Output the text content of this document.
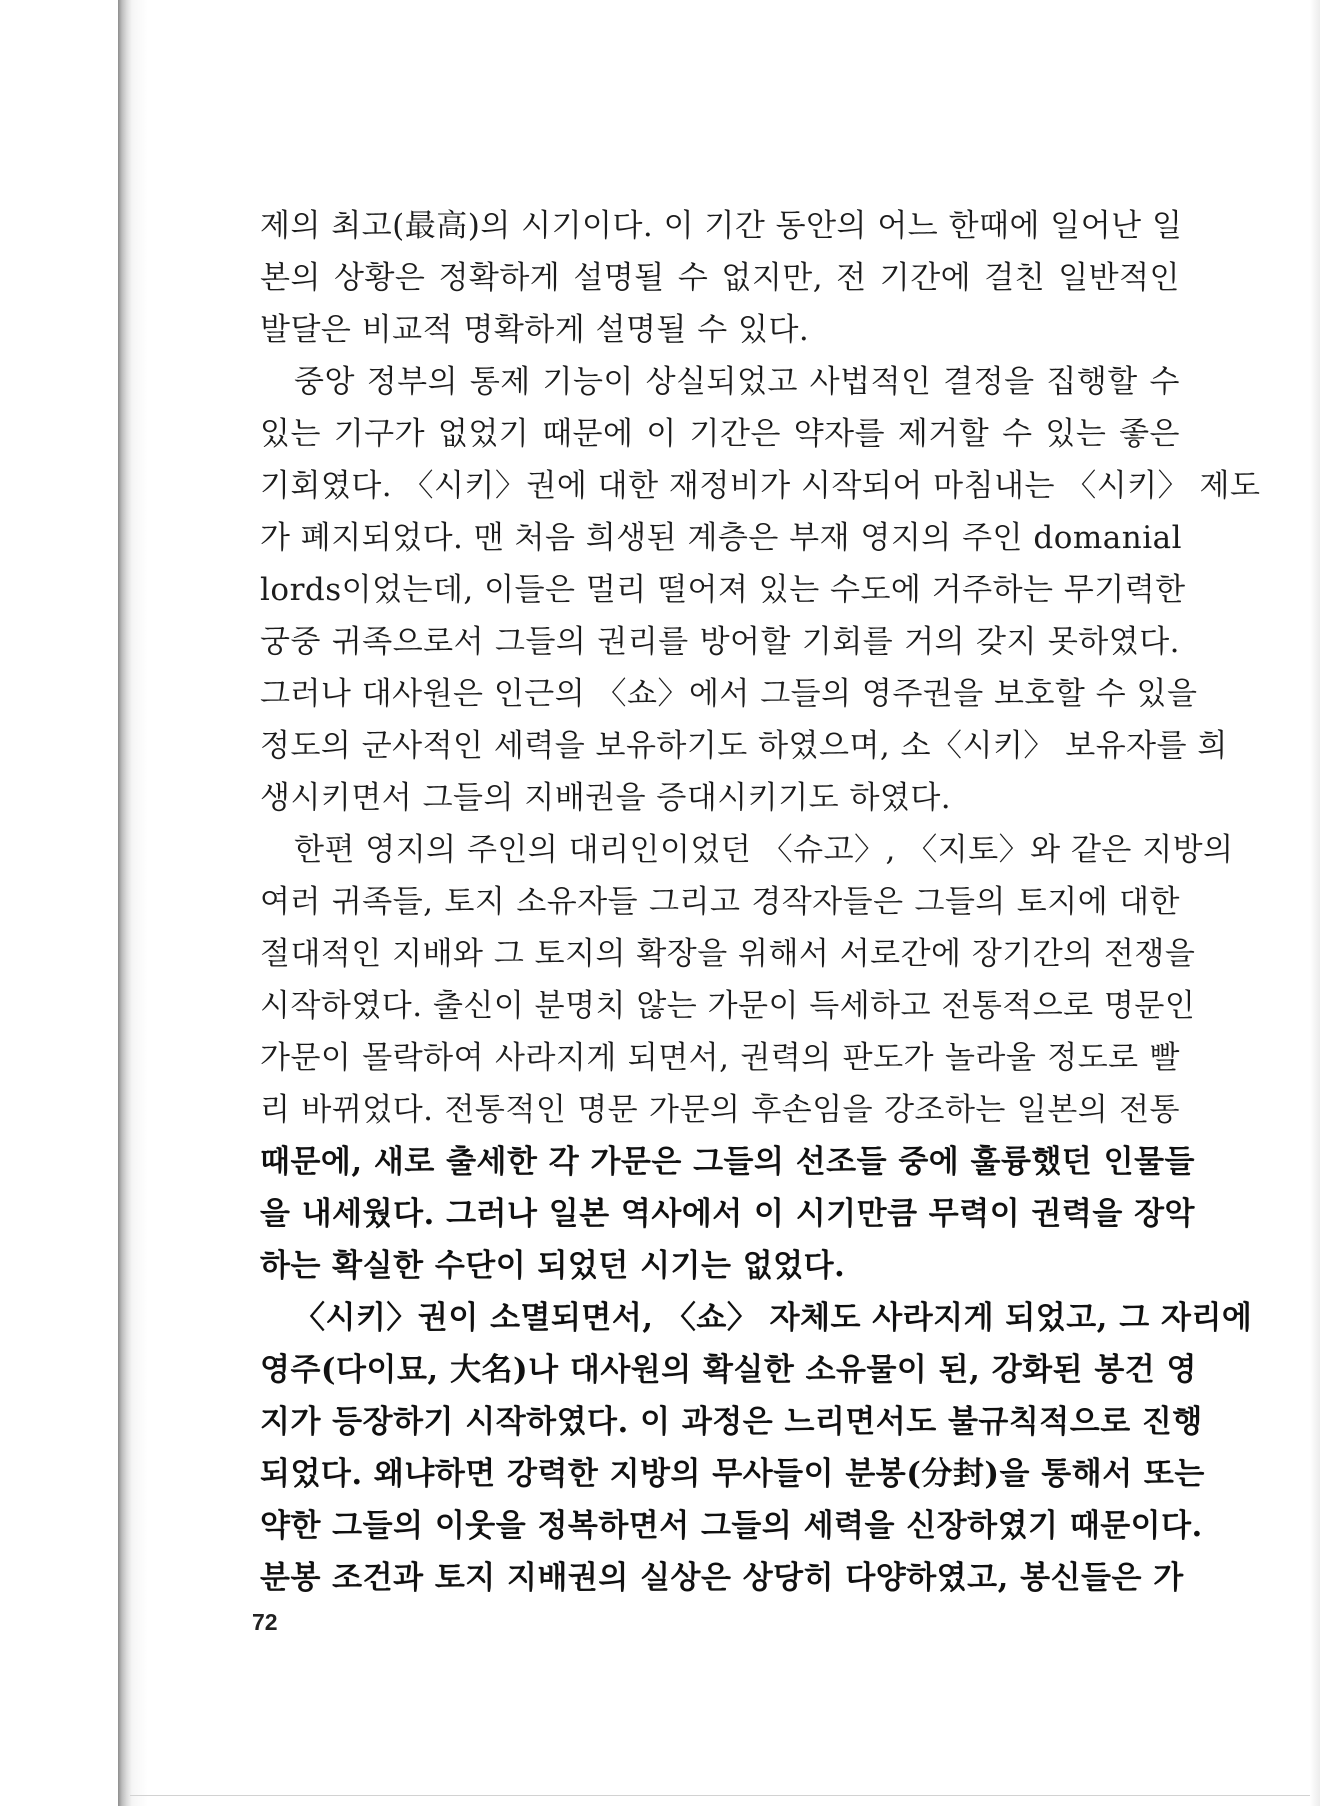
제의 최고(最高)의 시기이다. 이 기간 동안의 어느 한때에 일어난 일
본의 상황은 정확하게 설명될 수 없지만, 전 기간에 걸친 일반적인
발달은 비교적 명확하게 설명될 수 있다.
중앙 정부의 통제 기능이 상실되었고 사법적인 결정을 집행할 수
있는 기구가 없었기 때문에 이 기간은 약자를 제거할 수 있는 좋은
기회였다. 〈시키〉권에 대한 재정비가 시작되어 마침내는 〈시키〉 제도
가 폐지되었다. 맨 처음 희생된 계층은 부재 영지의 주인 domanial
lords이었는데, 이들은 멀리 떨어져 있는 수도에 거주하는 무기력한
궁중 귀족으로서 그들의 권리를 방어할 기회를 거의 갖지 못하였다.
그러나 대사원은 인근의 〈쇼〉에서 그들의 영주권을 보호할 수 있을
정도의 군사적인 세력을 보유하기도 하였으며, 소〈시키〉 보유자를 희
생시키면서 그들의 지배권을 증대시키기도 하였다.
한편 영지의 주인의 대리인이었던 〈슈고〉, 〈지토〉와 같은 지방의
여러 귀족들, 토지 소유자들 그리고 경작자들은 그들의 토지에 대한
절대적인 지배와 그 토지의 확장을 위해서 서로간에 장기간의 전쟁을
시작하였다. 출신이 분명치 않는 가문이 득세하고 전통적으로 명문인
가문이 몰락하여 사라지게 되면서, 권력의 판도가 놀라울 정도로 빨
리 바뀌었다. 전통적인 명문 가문의 후손임을 강조하는 일본의 전통
때문에, 새로 출세한 각 가문은 그들의 선조들 중에 훌륭했던 인물들
을 내세웠다. 그러나 일본 역사에서 이 시기만큼 무력이 권력을 장악
하는 확실한 수단이 되었던 시기는 없었다.
〈시키〉권이 소멸되면서, 〈쇼〉 자체도 사라지게 되었고, 그 자리에
영주(다이묘, 大名)나 대사원의 확실한 소유물이 된, 강화된 봉건 영
지가 등장하기 시작하였다. 이 과정은 느리면서도 불규칙적으로 진행
되었다. 왜냐하면 강력한 지방의 무사들이 분봉(分封)을 통해서 또는
약한 그들의 이웃을 정복하면서 그들의 세력을 신장하였기 때문이다.
분봉 조건과 토지 지배권의 실상은 상당히 다양하였고, 봉신들은 가
72
